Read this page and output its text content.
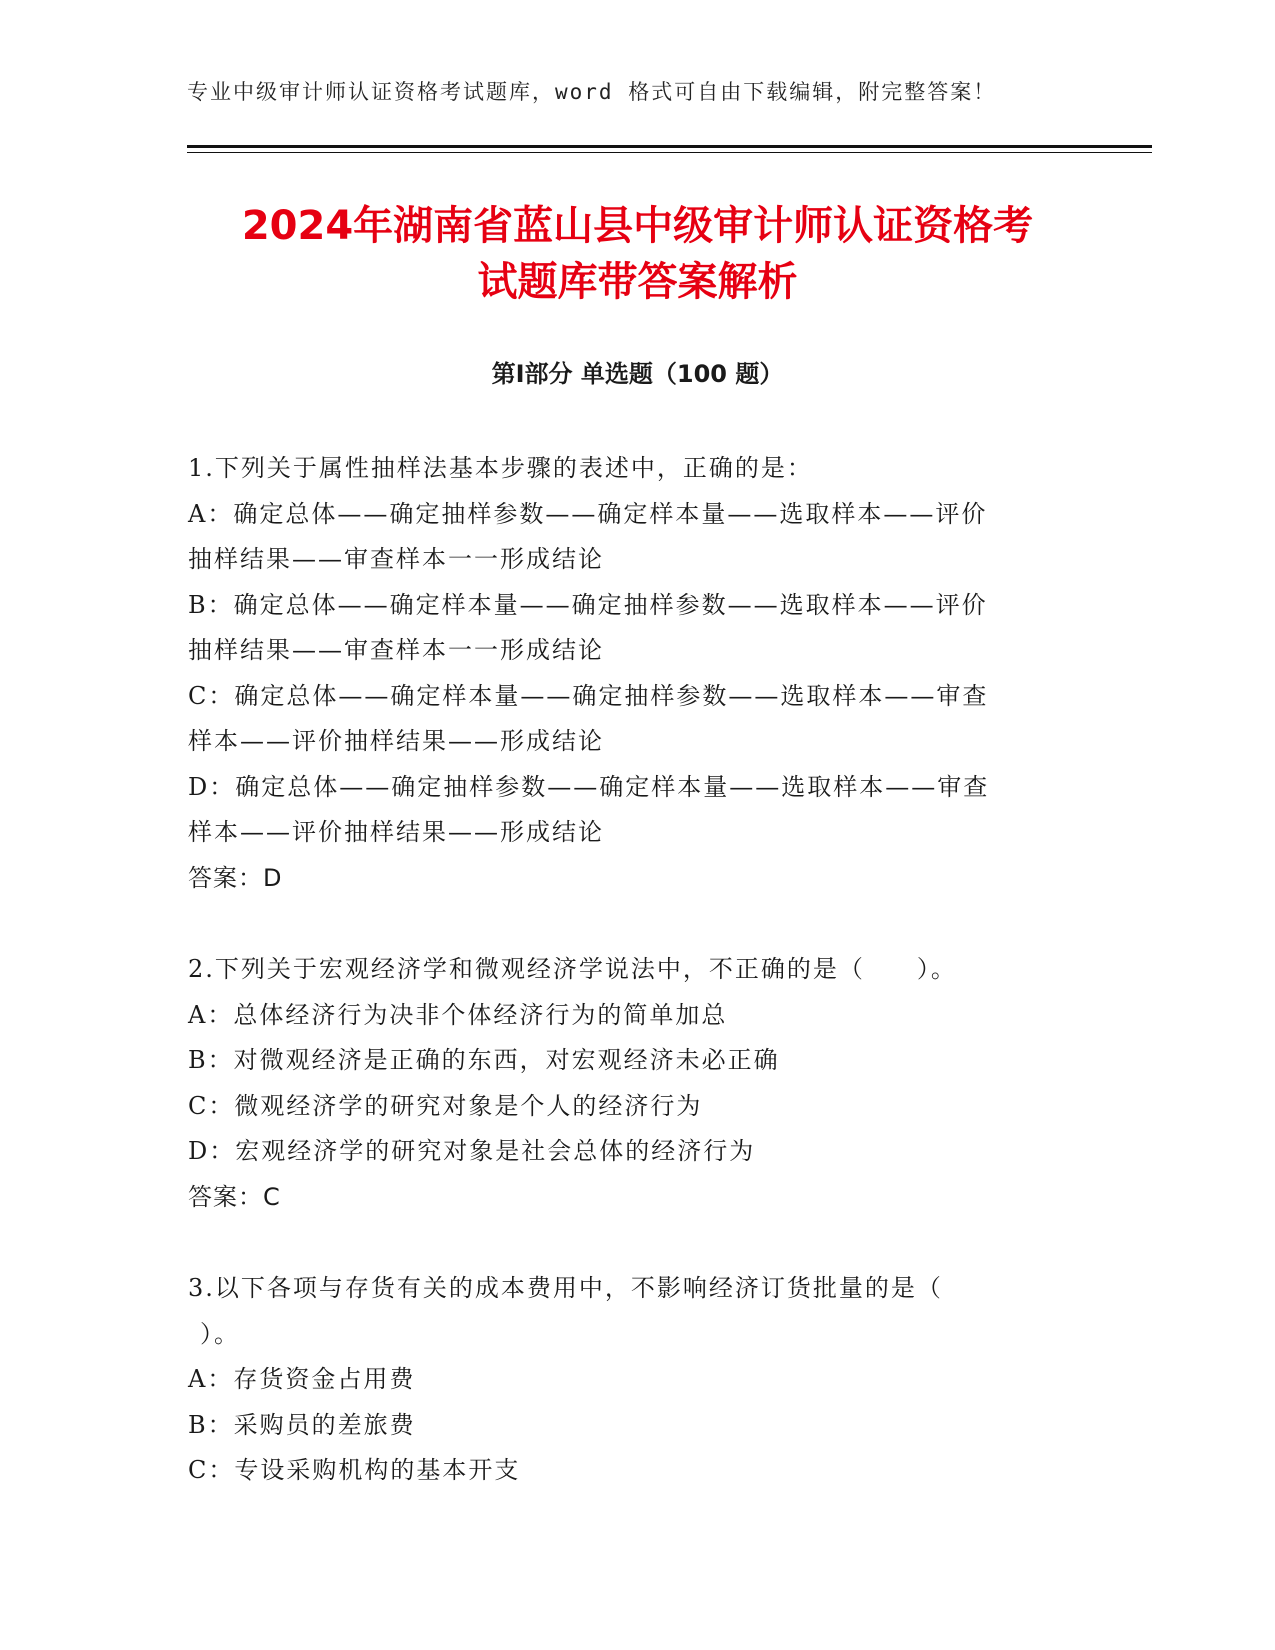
专业中级审计师认证资格考试题库，word 格式可自由下载编辑，附完整答案！
2024年湖南省蓝山县中级审计师认证资格考
试题库带答案解析
第Ⅰ部分 单选题（100 题）
1.下列关于属性抽样法基本步骤的表述中，正确的是：
A：确定总体——确定抽样参数——确定样本量——选取样本——评价
抽样结果——审查样本一一形成结论
B：确定总体——确定样本量——确定抽样参数——选取样本——评价
抽样结果——审查样本一一形成结论
C：确定总体——确定样本量——确定抽样参数——选取样本——审查
样本——评价抽样结果——形成结论
D：确定总体——确定抽样参数——确定样本量——选取样本——审查
样本——评价抽样结果——形成结论
答案：D
2.下列关于宏观经济学和微观经济学说法中，不正确的是（　　）。
A：总体经济行为决非个体经济行为的简单加总
B：对微观经济是正确的东西，对宏观经济未必正确
C：微观经济学的研究对象是个人的经济行为
D：宏观经济学的研究对象是社会总体的经济行为
答案：C
3.以下各项与存货有关的成本费用中，不影响经济订货批量的是（
）。
A：存货资金占用费
B：采购员的差旅费
C：专设采购机构的基本开支
